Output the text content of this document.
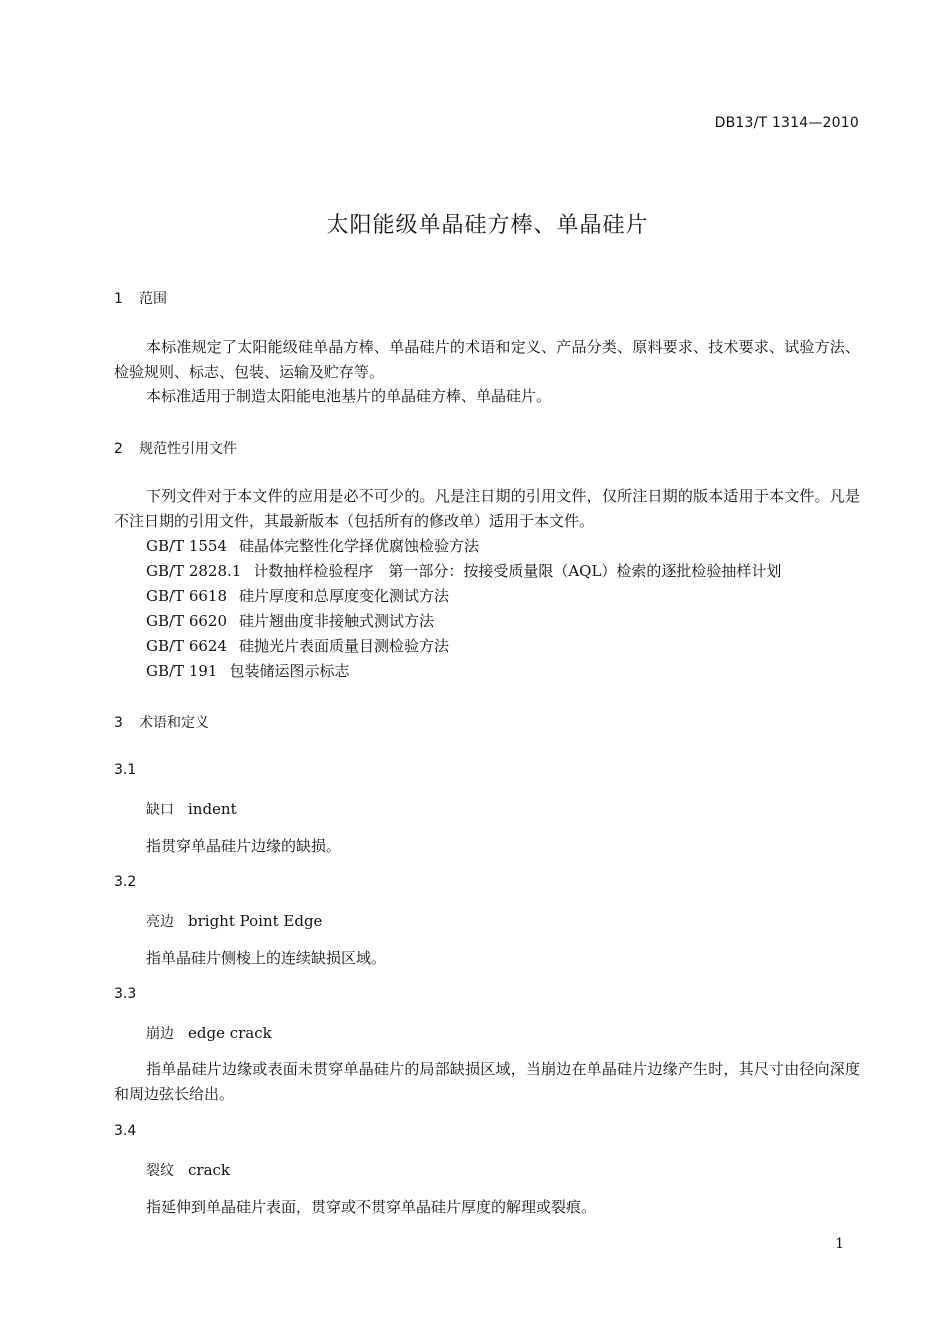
DB13/T 1314—2010
太阳能级单晶硅方棒、单晶硅片
1 范围
本标准规定了太阳能级硅单晶方棒、单晶硅片的术语和定义、产品分类、原料要求、技术要求、试验方法、检验规则、标志、包装、运输及贮存等。
本标准适用于制造太阳能电池基片的单晶硅方棒、单晶硅片。
2 规范性引用文件
下列文件对于本文件的应用是必不可少的。凡是注日期的引用文件，仅所注日期的版本适用于本文件。凡是不注日期的引用文件，其最新版本（包括所有的修改单）适用于本文件。
GB/T 1554 硅晶体完整性化学择优腐蚀检验方法
GB/T 2828.1 计数抽样检验程序　第一部分：按接受质量限（AQL）检索的逐批检验抽样计划
GB/T 6618 硅片厚度和总厚度变化测试方法
GB/T 6620 硅片翘曲度非接触式测试方法
GB/T 6624 硅抛光片表面质量目测检验方法
GB/T 191 包装储运图示标志
3 术语和定义
3.1
缺口 indent
指贯穿单晶硅片边缘的缺损。
3.2
亮边 bright Point Edge
指单晶硅片侧棱上的连续缺损区域。
3.3
崩边 edge crack
指单晶硅片边缘或表面未贯穿单晶硅片的局部缺损区域，当崩边在单晶硅片边缘产生时，其尺寸由径向深度和周边弦长给出。
3.4
裂纹 crack
指延伸到单晶硅片表面，贯穿或不贯穿单晶硅片厚度的解理或裂痕。
1
